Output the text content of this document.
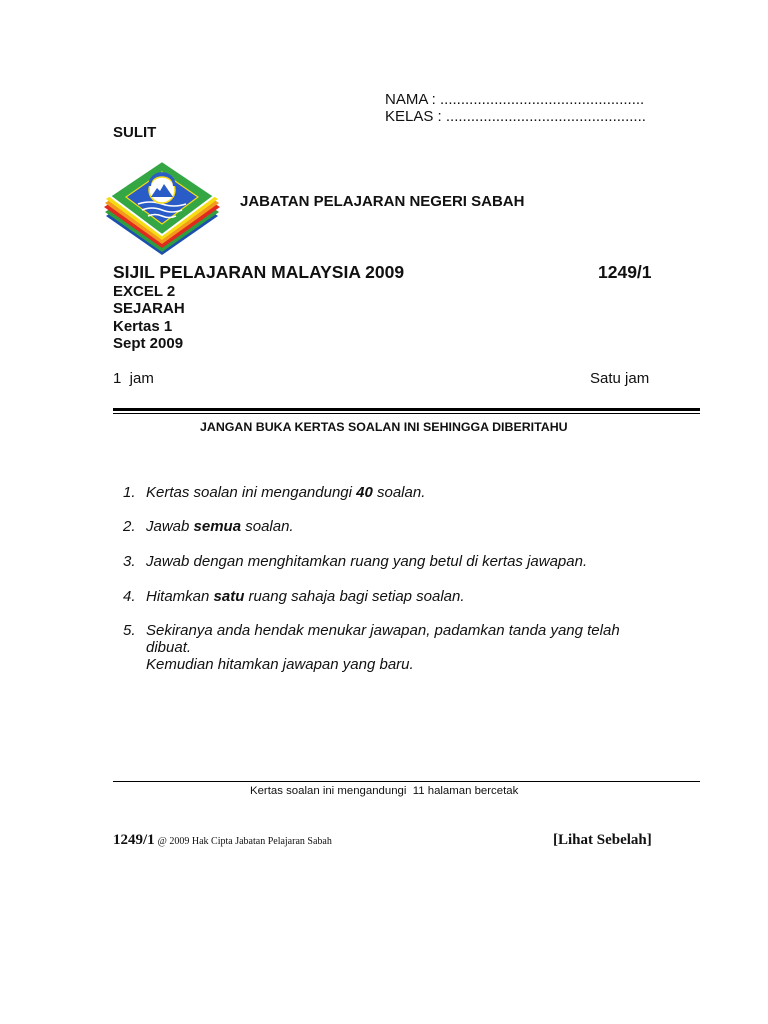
NAMA : .................................................
KELAS : ................................................
SULIT
JABATAN PELAJARAN NEGERI SABAH
SIJIL PELAJARAN MALAYSIA 2009	1249/1
EXCEL 2
SEJARAH
Kertas 1
Sept 2009
1  jam	Satu jam
JANGAN BUKA KERTAS SOALAN INI SEHINGGA DIBERITAHU
1. Kertas soalan ini mengandungi 40 soalan.
2. Jawab semua soalan.
3. Jawab dengan menghitamkan ruang yang betul di kertas jawapan.
4. Hitamkan satu ruang sahaja bagi setiap soalan.
5. Sekiranya anda hendak menukar jawapan, padamkan tanda yang telah
dibuat.
Kemudian hitamkan jawapan yang baru.
Kertas soalan ini mengandungi  11 halaman bercetak
1249/1 @ 2009 Hak Cipta Jabatan Pelajaran Sabah	[Lihat Sebelah]
